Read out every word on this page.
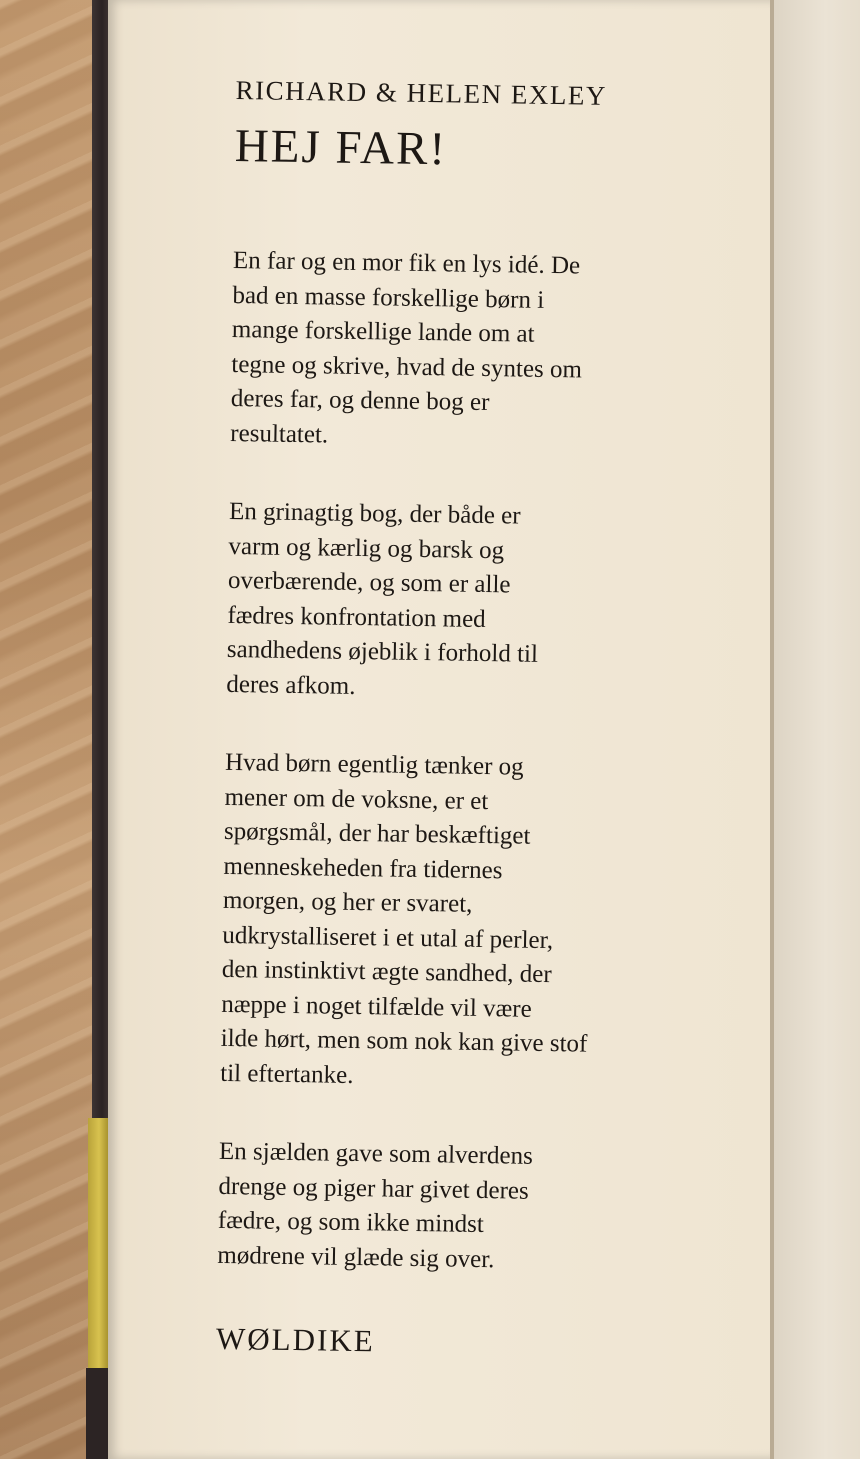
RICHARD & HELEN EXLEY

HEJ FAR!

En far og en mor fik en lys idé. De
bad en masse forskellige børn i
mange forskellige lande om at
tegne og skrive, hvad de syntes om
deres far, og denne bog er
resultatet.

En grinagtig bog, der både er
varm og kærlig og barsk og
overbærende, og som er alle
fædres konfrontation med
sandhedens øjeblik i forhold til
deres afkom.

Hvad børn egentlig tænker og
mener om de voksne, er et
spørgsmål, der har beskæftiget
menneskeheden fra tidernes
morgen, og her er svaret,
udkrystalliseret i et utal af perler,
den instinktivt ægte sandhed, der
næppe i noget tilfælde vil være
ilde hørt, men som nok kan give stof
til eftertanke.

En sjælden gave som alverdens
drenge og piger har givet deres
fædre, og som ikke mindst
mødrene vil glæde sig over.

WØLDIKE
